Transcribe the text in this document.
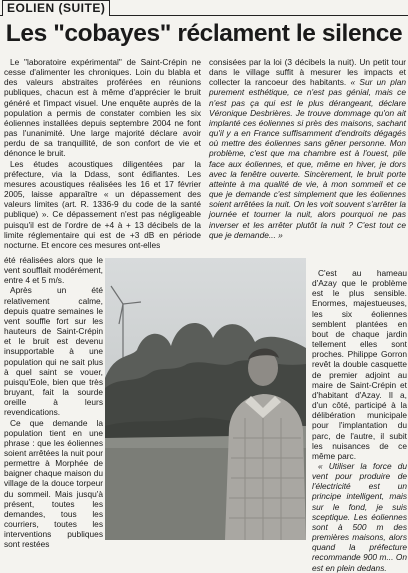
EOLIEN (SUITE)
Les "cobayes" réclament le silence

Le "laboratoire expérimental" de Saint-Crépin ne cesse d'alimenter les chroniques. Loin du blabla et des valeurs abstraites proférées en réunions publiques, chacun est à même d'apprécier le bruit généré et l'impact visuel. Une enquête auprès de la population a permis de constater combien les six éoliennes installées depuis septembre 2004 ne font pas l'unanimité. Une large majorité déclare avoir perdu de sa tranquillité, de son confort de vie et dénonce le bruit.

Les études acoustiques diligentées par la préfecture, via la Ddass, sont édifiantes. Les mesures acoustiques réalisées les 16 et 17 février 2005, laisse apparaître « un dépassement des valeurs limites (art. R. 1336-9 du code de la santé publique) ». Ce dépassement n'est pas négligeable puisqu'il est de l'ordre de +4 à + 13 décibels de la limite réglementaire qui est de +3 dB en période nocturne. Et encore ces mesures ont-elles

été réalisées alors que le vent soufflait modérément, entre 4 et 5 m/s.

Après un été relativement calme, depuis quatre semaines le vent souffle fort sur les hauteurs de Saint-Crépin et le bruit est devenu insupportable à une population qui ne sait plus à quel saint se vouer, puisqu'Eole, bien que très bruyant, fait la sourde oreille à leurs revendications.

Ce que demande la population tient en une phrase : que les éoliennes soient arrêtées la nuit pour permettre à Morphée de baigner chaque maison du village de la douce torpeur du sommeil. Mais jusqu'à présent, toutes les demandes, tous les courriers, toutes les interventions publiques sont restées

consisées par la loi (3 décibels la nuit). Un petit tour dans le village suffit à mesurer les impacts et collecter la rancoeur des habitants. « Sur un plan purement esthétique, ce n'est pas génial, mais ce n'est pas ça qui est le plus dérangeant, déclare Véronique Desbrières. Je trouve dommage qu'on ait implanté ces éoliennes si près des maisons, sachant qu'il y a en France suffisamment d'endroits dégagés où mettre des éoliennes sans gêner personne. Mon problème, c'est que ma chambre est à l'ouest, pile face aux éoliennes, et que, même en hiver, je dors avec la fenêtre ouverte. Sincèrement, le bruit porte atteinte à ma qualité de vie, à mon sommeil et ce que je demande c'est simplement que les éoliennes soient arrêtées la nuit. On les voit souvent s'arrêter la journée et tourner la nuit, alors pourquoi ne pas inverser et les arrêter plutôt la nuit ? C'est tout ce que je demande... »

C'est au hameau d'Azay que le problème est le plus sensible. Enormes, majestueuses, les six éoliennes semblent plantées en bout de chaque jardin tellement elles sont proches. Philippe Gorron revêt la double casquette de premier adjoint au maire de Saint-Crépin et d'habitant d'Azay. Il a, d'un côté, participé à la délibération municipale pour l'implantation du parc, de l'autre, il subit les nuisances de ce même parc.

« Utiliser la force du vent pour produire de l'électricité est un principe intelligent, mais sur le fond, je suis sceptique. Les éoliennes sont à 500 m des premières maisons, alors quand la préfecture recommande 900 m... On est en plein dedans.
